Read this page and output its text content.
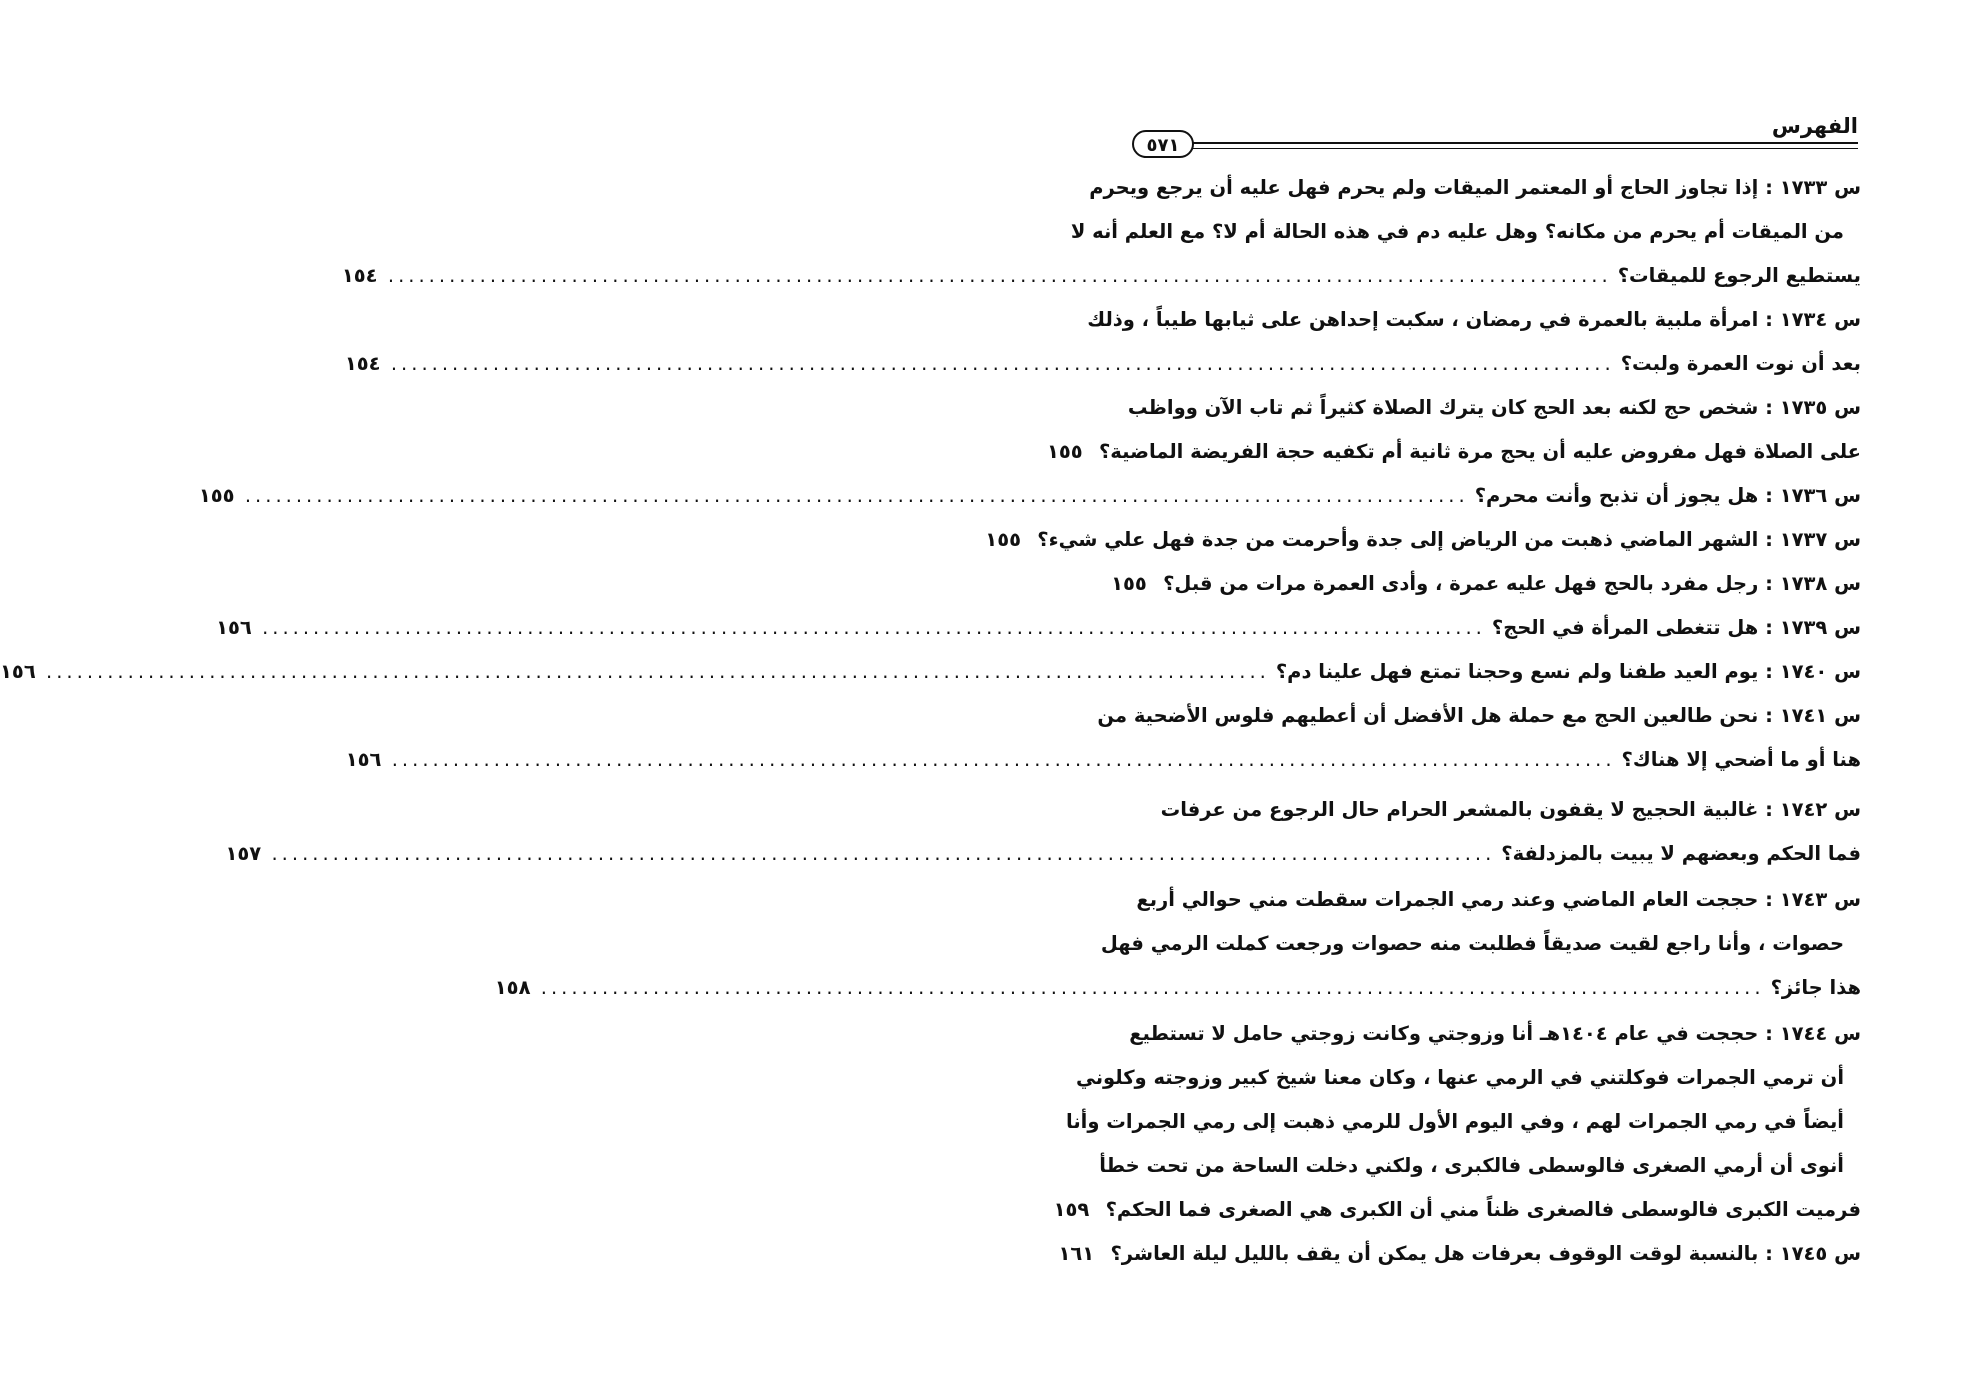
الفهرس
٥٧١
س ١٧٣٣ : إذا تجاوز الحاج أو المعتمر الميقات ولم يحرم فهل عليه أن يرجع ويحرم
من الميقات أم يحرم من مكانه؟ وهل عليه دم في هذه الحالة أم لا؟ مع العلم أنه لا
يستطيع الرجوع للميقات؟
........................................................................................................................
١٥٤
س ١٧٣٤ : امرأة ملبية بالعمرة في رمضان ، سكبت إحداهن على ثيابها طيباً ، وذلك
بعد أن نوت العمرة ولبت؟
........................................................................................................................
١٥٤
س ١٧٣٥ : شخص حج لكنه بعد الحج كان يترك الصلاة كثيراً ثم تاب الآن وواظب
على الصلاة فهل مفروض عليه أن يحج مرة ثانية أم تكفيه حجة الفريضة الماضية؟
١٥٥
س ١٧٣٦ : هل يجوز أن تذبح وأنت محرم؟
........................................................................................................................
١٥٥
س ١٧٣٧ : الشهر الماضي ذهبت من الرياض إلى جدة وأحرمت من جدة فهل علي شيء؟
١٥٥
س ١٧٣٨ : رجل مفرد بالحج فهل عليه عمرة ، وأدى العمرة مرات من قبل؟
١٥٥
س ١٧٣٩ : هل تتغطى المرأة في الحج؟
........................................................................................................................
١٥٦
س ١٧٤٠ : يوم العيد طفنا ولم نسع وحجنا تمتع فهل علينا دم؟
........................................................................................................................
١٥٦
س ١٧٤١ : نحن طالعين الحج مع حملة هل الأفضل أن أعطيهم فلوس الأضحية من
هنا أو ما أضحي إلا هناك؟
........................................................................................................................
١٥٦
س ١٧٤٢ : غالبية الحجيج لا يقفون بالمشعر الحرام حال الرجوع من عرفات
فما الحكم وبعضهم لا يبيت بالمزدلفة؟
........................................................................................................................
١٥٧
س ١٧٤٣ : حججت العام الماضي وعند رمي الجمرات سقطت مني حوالي أربع
حصوات ، وأنا راجع لقيت صديقاً فطلبت منه حصوات ورجعت كملت الرمي فهل
هذا جائز؟
........................................................................................................................
١٥٨
س ١٧٤٤ : حججت في عام ١٤٠٤هـ أنا وزوجتي وكانت زوجتي حامل لا تستطيع
أن ترمي الجمرات فوكلتني في الرمي عنها ، وكان معنا شيخ كبير وزوجته وكلوني
أيضاً في رمي الجمرات لهم ، وفي اليوم الأول للرمي ذهبت إلى رمي الجمرات وأنا
أنوى أن أرمي الصغرى فالوسطى فالكبرى ، ولكني دخلت الساحة من تحت خطأ
فرميت الكبرى فالوسطى فالصغرى ظناً مني أن الكبرى هي الصغرى فما الحكم؟
١٥٩
س ١٧٤٥ : بالنسبة لوقت الوقوف بعرفات هل يمكن أن يقف بالليل ليلة العاشر؟
١٦١
